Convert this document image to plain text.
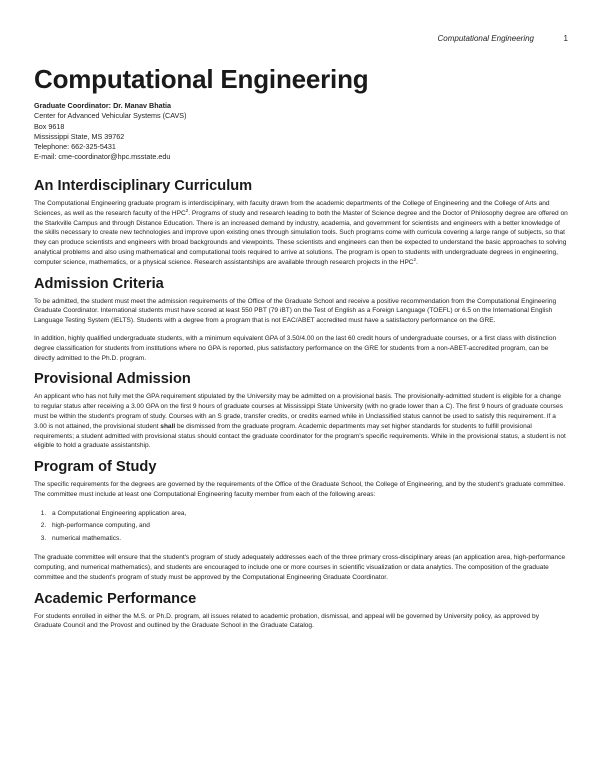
Computational Engineering	1
Computational Engineering
Graduate Coordinator: Dr. Manav Bhatia
Center for Advanced Vehicular Systems (CAVS)
Box 9618
Mississippi State, MS 39762
Telephone: 662-325-5431
E-mail: cme-coordinator@hpc.msstate.edu
An Interdisciplinary Curriculum

The Computational Engineering graduate program is interdisciplinary, with faculty drawn from the academic departments of the College of Engineering and the College of Arts and Sciences, as well as the research faculty of the HPC$^2$. Programs of study and research leading to both the Master of Science degree and the Doctor of Philosophy degree are offered on the Starkville Campus and through Distance Education. There is an increased demand by industry, academia, and government for scientists and engineers with a better knowledge of the skills necessary to create new technologies and improve upon existing ones through simulation tools. Such programs come with curricula covering a large range of subjects, so that they can produce scientists and engineers with broad backgrounds and viewpoints. These scientists and engineers can then be expected to understand the basic approaches to solving analytical problems and also using mathematical and computational tools required to arrive at solutions. The program is open to students with undergraduate degrees in engineering, computer science, mathematics, or a physical science. Research assistantships are available through research projects in the HPC$^2$.

Admission Criteria

To be admitted, the student must meet the admission requirements of the Office of the Graduate School and receive a positive recommendation from the Computational Engineering Graduate Coordinator. International students must have scored at least 550 PBT (79 iBT) on the Test of English as a Foreign Language (TOEFL) or 6.5 on the International English Language Testing System (IELTS). Students with a degree from a program that is not EAC/ABET accredited must have a satisfactory performance on the GRE.

In addition, highly qualified undergraduate students, with a minimum equivalent GPA of 3.50/4.00 on the last 60 credit hours of undergraduate courses, or a first class with distinction degree classification for students from institutions where no GPA is reported, plus satisfactory performance on the GRE for students from a non-ABET-accredited program, can be directly admitted to the Ph.D. program.

Provisional Admission

An applicant who has not fully met the GPA requirement stipulated by the University may be admitted on a provisional basis. The provisionally-admitted student is eligible for a change to regular status after receiving a 3.00 GPA on the first 9 hours of graduate courses at Mississippi State University (with no grade lower than a C). The first 9 hours of graduate courses must be within the student's program of study. Courses with an S grade, transfer credits, or credits earned while in Unclassified status cannot be used to satisfy this requirement. If a 3.00 is not attained, the provisional student shall be dismissed from the graduate program. Academic departments may set higher standards for students to fulfill provisional requirements; a student admitted with provisional status should contact the graduate coordinator for the program's specific requirements. While in the provisional status, a student is not eligible to hold a graduate assistantship.

Program of Study

The specific requirements for the degrees are governed by the requirements of the Office of the Graduate School, the College of Engineering, and by the student's graduate committee. The committee must include at least one Computational Engineering faculty member from each of the following areas:

1. a Computational Engineering application area,
2. high-performance computing, and
3. numerical mathematics.

The graduate committee will ensure that the student's program of study adequately addresses each of the three primary cross-disciplinary areas (an application area, high-performance computing, and numerical mathematics), and students are encouraged to include one or more courses in scientific visualization or data analytics. The composition of the graduate committee and the student's program of study must be approved by the Computational Engineering Graduate Coordinator.

Academic Performance

For students enrolled in either the M.S. or Ph.D. program, all issues related to academic probation, dismissal, and appeal will be governed by University policy, as approved by Graduate Council and the Provost and outlined by the Graduate School in the Graduate Catalog.
